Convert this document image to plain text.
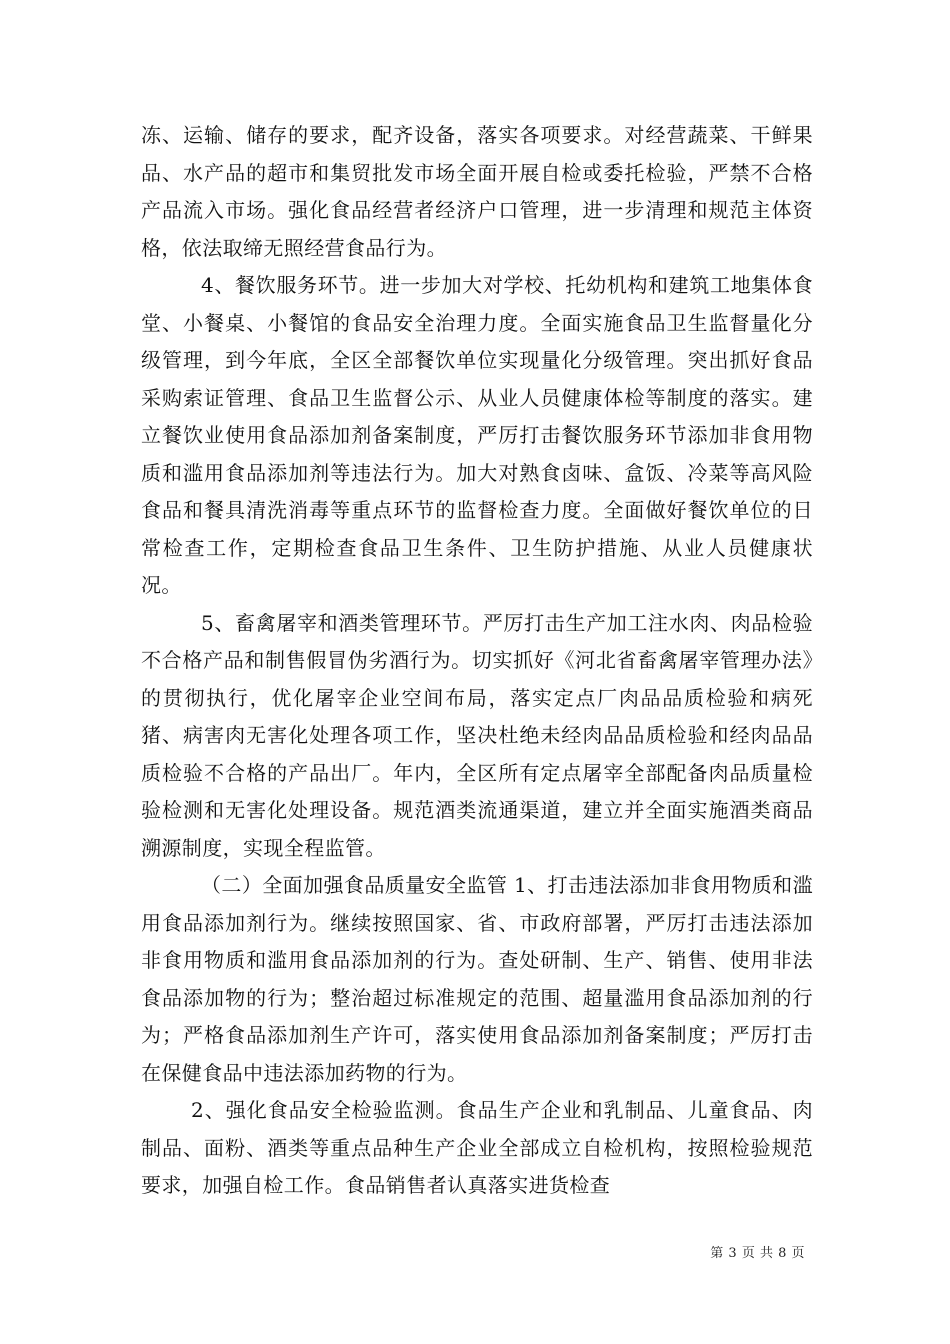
冻、运输、储存的要求，配齐设备，落实各项要求。对经营蔬菜、干鲜果品、水产品的超市和集贸批发市场全面开展自检或委托检验，严禁不合格产品流入市场。强化食品经营者经济户口管理，进一步清理和规范主体资格，依法取缔无照经营食品行为。

4、餐饮服务环节。进一步加大对学校、托幼机构和建筑工地集体食堂、小餐桌、小餐馆的食品安全治理力度。全面实施食品卫生监督量化分级管理，到今年底，全区全部餐饮单位实现量化分级管理。突出抓好食品采购索证管理、食品卫生监督公示、从业人员健康体检等制度的落实。建立餐饮业使用食品添加剂备案制度，严厉打击餐饮服务环节添加非食用物质和滥用食品添加剂等违法行为。加大对熟食卤味、盒饭、冷菜等高风险食品和餐具清洗消毒等重点环节的监督检查力度。全面做好餐饮单位的日常检查工作，定期检查食品卫生条件、卫生防护措施、从业人员健康状况。

5、畜禽屠宰和酒类管理环节。严厉打击生产加工注水肉、肉品检验不合格产品和制售假冒伪劣酒行为。切实抓好《河北省畜禽屠宰管理办法》的贯彻执行，优化屠宰企业空间布局，落实定点厂肉品品质检验和病死猪、病害肉无害化处理各项工作，坚决杜绝未经肉品品质检验和经肉品品质检验不合格的产品出厂。年内，全区所有定点屠宰全部配备肉品质量检验检测和无害化处理设备。规范酒类流通渠道，建立并全面实施酒类商品溯源制度，实现全程监管。

（二）全面加强食品质量安全监管 1、打击违法添加非食用物质和滥用食品添加剂行为。继续按照国家、省、市政府部署，严厉打击违法添加非食用物质和滥用食品添加剂的行为。查处研制、生产、销售、使用非法食品添加物的行为；整治超过标准规定的范围、超量滥用食品添加剂的行为；严格食品添加剂生产许可，落实使用食品添加剂备案制度；严厉打击在保健食品中违法添加药物的行为。

2、强化食品安全检验监测。食品生产企业和乳制品、儿童食品、肉制品、面粉、酒类等重点品种生产企业全部成立自检机构，按照检验规范要求，加强自检工作。食品销售者认真落实进货检查

第 3 页 共 8 页
